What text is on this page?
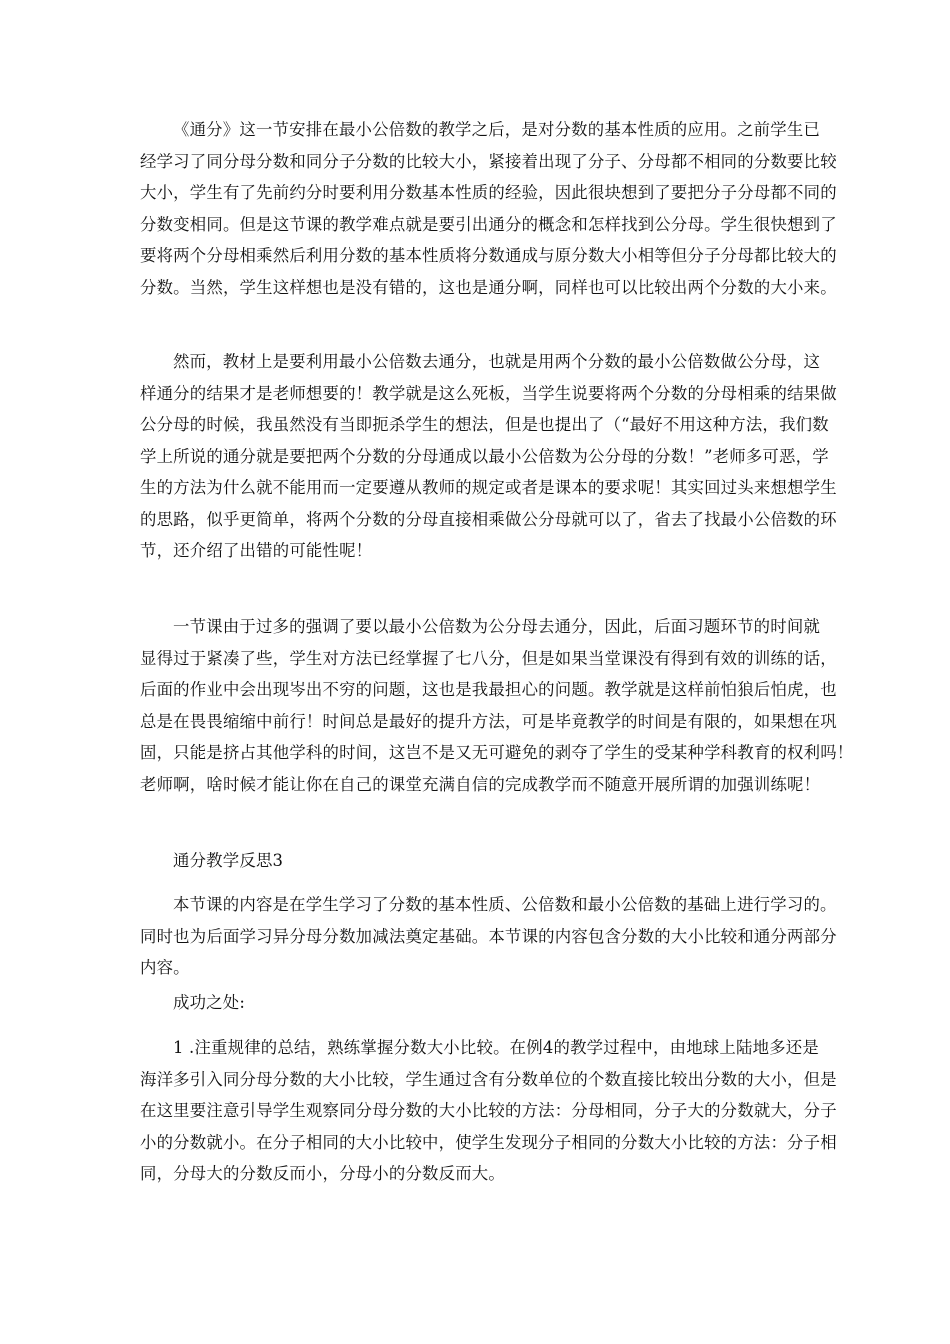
《通分》这一节安排在最小公倍数的教学之后，是对分数的基本性质的应用。之前学生已
经学习了同分母分数和同分子分数的比较大小，紧接着出现了分子、分母都不相同的分数要比较
大小，学生有了先前约分时要利用分数基本性质的经验，因此很块想到了要把分子分母都不同的
分数变相同。但是这节课的教学难点就是要引出通分的概念和怎样找到公分母。学生很快想到了
要将两个分母相乘然后利用分数的基本性质将分数通成与原分数大小相等但分子分母都比较大的
分数。当然，学生这样想也是没有错的，这也是通分啊，同样也可以比较出两个分数的大小来。
然而，教材上是要利用最小公倍数去通分，也就是用两个分数的最小公倍数做公分母，这
样通分的结果才是老师想要的！教学就是这么死板，当学生说要将两个分数的分母相乘的结果做
公分母的时候，我虽然没有当即扼杀学生的想法，但是也提出了（“最好不用这种方法，我们数
学上所说的通分就是要把两个分数的分母通成以最小公倍数为公分母的分数！”老师多可恶，学
生的方法为什么就不能用而一定要遵从教师的规定或者是课本的要求呢！其实回过头来想想学生
的思路，似乎更简单，将两个分数的分母直接相乘做公分母就可以了，省去了找最小公倍数的环
节，还介绍了出错的可能性呢！
一节课由于过多的强调了要以最小公倍数为公分母去通分，因此，后面习题环节的时间就
显得过于紧凑了些，学生对方法已经掌握了七八分，但是如果当堂课没有得到有效的训练的话，
后面的作业中会出现岑出不穷的问题，这也是我最担心的问题。教学就是这样前怕狼后怕虎，也
总是在畏畏缩缩中前行！时间总是最好的提升方法，可是毕竟教学的时间是有限的，如果想在巩
固，只能是挤占其他学科的时间，这岂不是又无可避免的剥夺了学生的受某种学科教育的权利吗！
老师啊，啥时候才能让你在自己的课堂充满自信的完成教学而不随意开展所谓的加强训练呢！
通分教学反思3
本节课的内容是在学生学习了分数的基本性质、公倍数和最小公倍数的基础上进行学习的。
同时也为后面学习异分母分数加减法奠定基础。本节课的内容包含分数的大小比较和通分两部分
内容。
成功之处:
1 .注重规律的总结，熟练掌握分数大小比较。在例4的教学过程中，由地球上陆地多还是
海洋多引入同分母分数的大小比较，学生通过含有分数单位的个数直接比较出分数的大小，但是
在这里要注意引导学生观察同分母分数的大小比较的方法：分母相同，分子大的分数就大，分子
小的分数就小。在分子相同的大小比较中，使学生发现分子相同的分数大小比较的方法：分子相
同，分母大的分数反而小，分母小的分数反而大。
